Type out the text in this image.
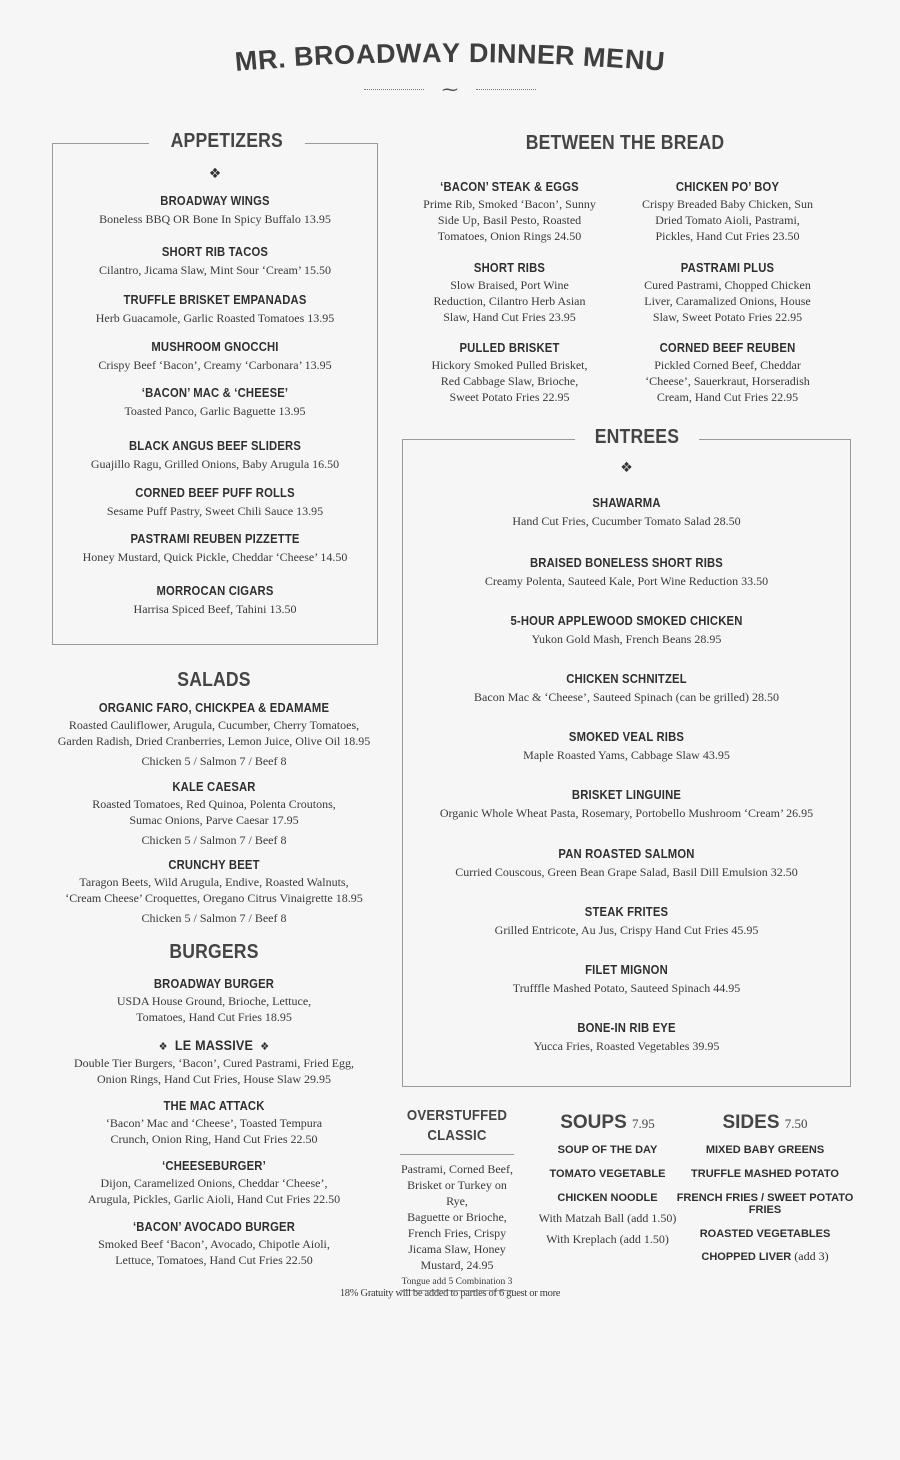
M
R
.
B
R
O
A D W A Y
D I N N
E
R
M
E
N
U
⁓
APPETIZERS
❖
BROADWAY WINGS
Boneless BBQ OR Bone In Spicy Buffalo 13.95
SHORT RIB TACOS
Cilantro, Jicama Slaw, Mint Sour ‘Cream’ 15.50
TRUFFLE BRISKET EMPANADAS
Herb Guacamole, Garlic Roasted Tomatoes 13.95
MUSHROOM GNOCCHI
Crispy Beef ‘Bacon’, Creamy ‘Carbonara’ 13.95
‘BACON’ MAC & ‘CHEESE’
Toasted Panco, Garlic Baguette 13.95
BLACK ANGUS BEEF SLIDERS
Guajillo Ragu, Grilled Onions, Baby Arugula 16.50
CORNED BEEF PUFF ROLLS
Sesame Puff Pastry, Sweet Chili Sauce 13.95
PASTRAMI REUBEN PIZZETTE
Honey Mustard, Quick Pickle, Cheddar ‘Cheese’ 14.50
MORROCAN CIGARS
Harrisa Spiced Beef, Tahini 13.50
SALADS
ORGANIC FARO, CHICKPEA & EDAMAME
Roasted Cauliflower, Arugula, Cucumber, Cherry Tomatoes,
Garden Radish, Dried Cranberries, Lemon Juice, Olive Oil 18.95
Chicken 5 / Salmon 7 / Beef 8
KALE CAESAR
Roasted Tomatoes, Red Quinoa, Polenta Croutons,
Sumac Onions, Parve Caesar 17.95
Chicken 5 / Salmon 7 / Beef 8
CRUNCHY BEET
Taragon Beets, Wild Arugula, Endive, Roasted Walnuts,
‘Cream Cheese’ Croquettes, Oregano Citrus Vinaigrette 18.95
Chicken 5 / Salmon 7 / Beef 8
BURGERS
BROADWAY BURGER
USDA House Ground, Brioche, Lettuce,
Tomatoes, Hand Cut Fries 18.95
❖ LE MASSIVE ❖
Double Tier Burgers, ‘Bacon’, Cured Pastrami, Fried Egg,
Onion Rings, Hand Cut Fries, House Slaw 29.95
THE MAC ATTACK
‘Bacon’ Mac and ‘Cheese’, Toasted Tempura
Crunch, Onion Ring, Hand Cut Fries 22.50
‘CHEESEBURGER’
Dijon, Caramelized Onions, Cheddar ‘Cheese’,
Arugula, Pickles, Garlic Aioli, Hand Cut Fries 22.50
‘BACON’ AVOCADO BURGER
Smoked Beef ‘Bacon’, Avocado, Chipotle Aioli,
Lettuce, Tomatoes, Hand Cut Fries 22.50
BETWEEN THE BREAD
‘BACON’ STEAK & EGGS
Prime Rib, Smoked ‘Bacon’, Sunny
Side Up, Basil Pesto, Roasted
Tomatoes, Onion Rings 24.50
CHICKEN PO’ BOY
Crispy Breaded Baby Chicken, Sun
Dried Tomato Aioli, Pastrami,
Pickles, Hand Cut Fries 23.50
SHORT RIBS
Slow Braised, Port Wine
Reduction, Cilantro Herb Asian
Slaw, Hand Cut Fries 23.95
PASTRAMI PLUS
Cured Pastrami, Chopped Chicken
Liver, Caramalized Onions, House
Slaw, Sweet Potato Fries 22.95
PULLED BRISKET
Hickory Smoked Pulled Brisket,
Red Cabbage Slaw, Brioche,
Sweet Potato Fries 22.95
CORNED BEEF REUBEN
Pickled Corned Beef, Cheddar
‘Cheese’, Sauerkraut, Horseradish
Cream, Hand Cut Fries 22.95
ENTREES
❖
SHAWARMA
Hand Cut Fries, Cucumber Tomato Salad 28.50
BRAISED BONELESS SHORT RIBS
Creamy Polenta, Sauteed Kale, Port Wine Reduction 33.50
5-HOUR APPLEWOOD SMOKED CHICKEN
Yukon Gold Mash, French Beans 28.95
CHICKEN SCHNITZEL
Bacon Mac & ‘Cheese’, Sauteed Spinach (can be grilled) 28.50
SMOKED VEAL RIBS
Maple Roasted Yams, Cabbage Slaw 43.95
BRISKET LINGUINE
Organic Whole Wheat Pasta, Rosemary, Portobello Mushroom ‘Cream’ 26.95
PAN ROASTED SALMON
Curried Couscous, Green Bean Grape Salad, Basil Dill Emulsion 32.50
STEAK FRITES
Grilled Entricote, Au Jus, Crispy Hand Cut Fries 45.95
FILET MIGNON
Trufffle Mashed Potato, Sauteed Spinach 44.95
BONE-IN RIB EYE
Yucca Fries, Roasted Vegetables 39.95
OVERSTUFFED
CLASSIC
Pastrami, Corned Beef,
Brisket or Turkey on Rye,
Baguette or Brioche,
French Fries, Crispy
Jicama Slaw, Honey
Mustard, 24.95
Tongue add 5 Combination 3
SOUPS 7.95
SOUP OF THE DAY
TOMATO VEGETABLE
CHICKEN NOODLE
With Matzah Ball (add 1.50)
With Kreplach (add 1.50)
SIDES 7.50
MIXED BABY GREENS
TRUFFLE MASHED POTATO
FRENCH FRIES / SWEET POTATO FRIES
ROASTED VEGETABLES
CHOPPED LIVER (add 3)
18% Gratuity will be added to parties of 6 guest or more
